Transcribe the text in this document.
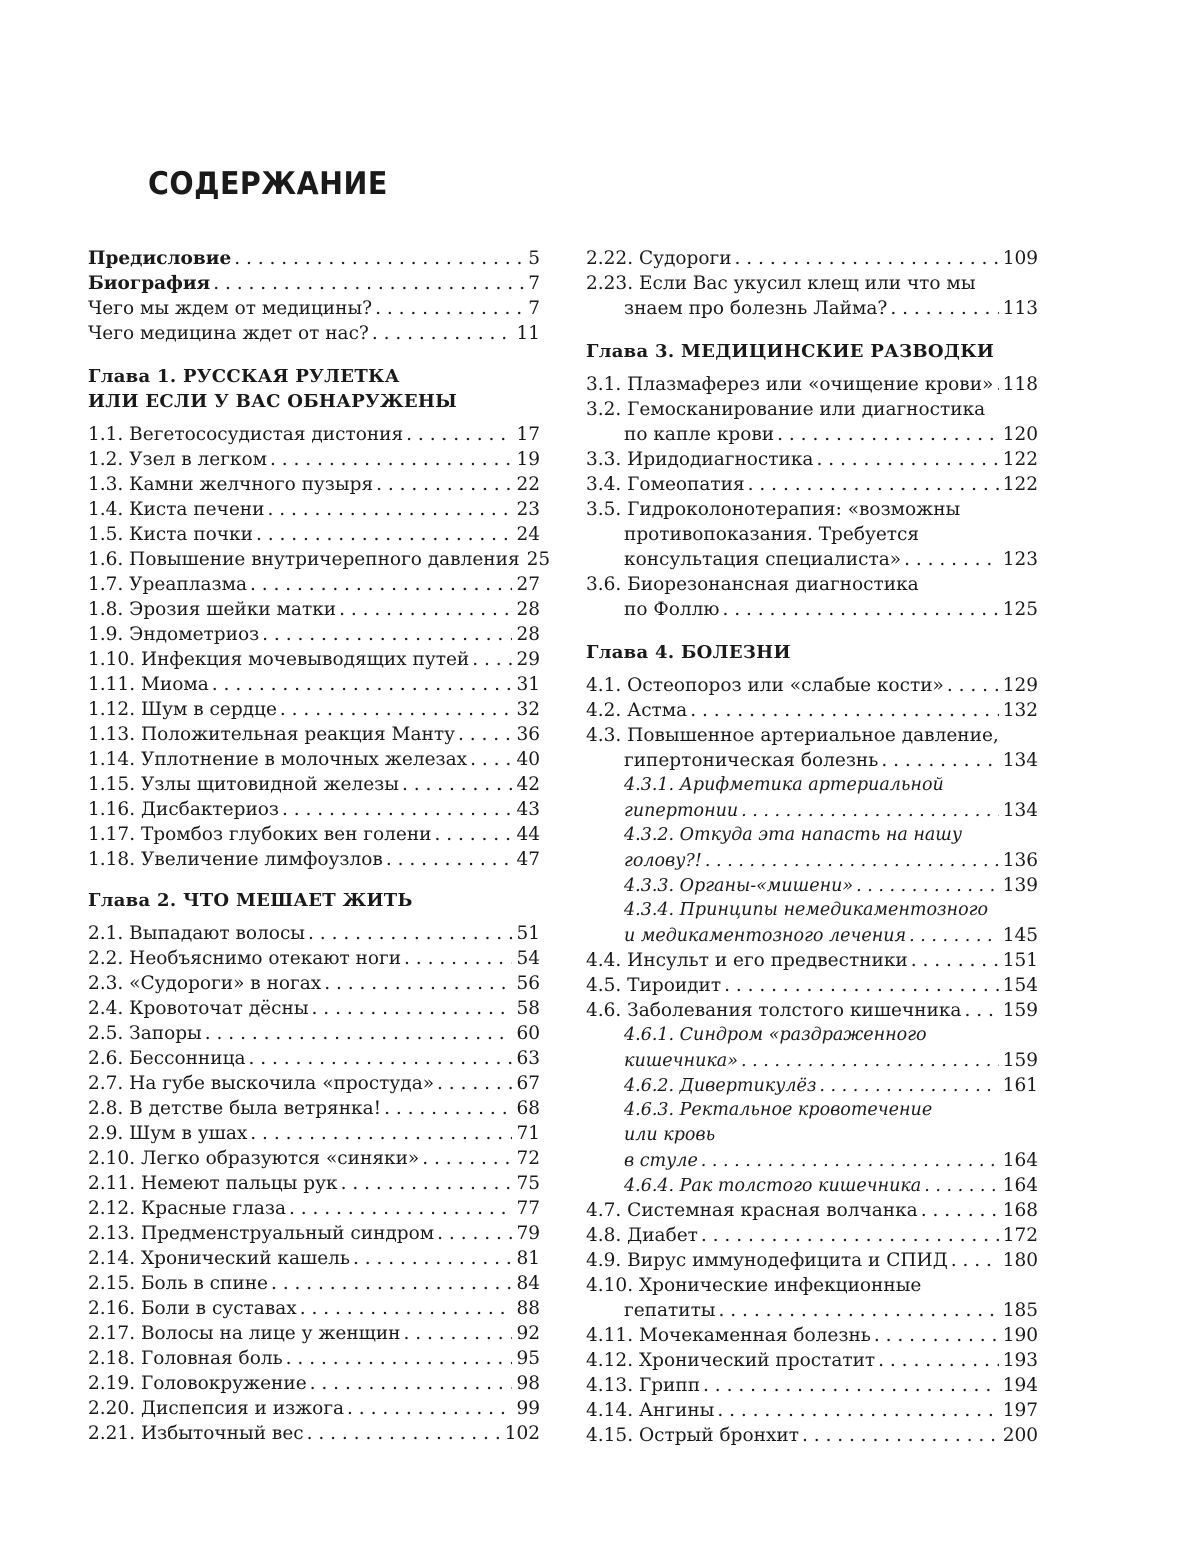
СОДЕРЖАНИЕ
Предисловие . . .	5
Биография . . .	7
Чего мы ждем от медицины? . . .	7
Чего медицина ждет от нас? . . .	11
Глава 1. РУССКАЯ РУЛЕТКА
ИЛИ ЕСЛИ У ВАС ОБНАРУЖЕНЫ
1.1. Вегетососудистая дистония . . .	17
1.2. Узел в легком . . .	19
1.3. Камни желчного пузыря . . .	22
1.4. Киста печени . . .	23
1.5. Киста почки . . .	24
1.6. Повышение внутричерепного давления 25
1.7. Уреаплазма . . .	27
1.8. Эрозия шейки матки . . .	28
1.9. Эндометриоз . . .	28
1.10. Инфекция мочевыводящих путей . . .	29
1.11. Миома . . .	31
1.12. Шум в сердце . . .	32
1.13. Положительная реакция Манту . . .	36
1.14. Уплотнение в молочных железах . . .	40
1.15. Узлы щитовидной железы . . .	42
1.16. Дисбактериоз . . .	43
1.17. Тромбоз глубоких вен голени . . .	44
1.18. Увеличение лимфоузлов . . .	47
Глава 2. ЧТО МЕШАЕТ ЖИТЬ
2.1. Выпадают волосы . . .	51
2.2. Необъяснимо отекают ноги . . .	54
2.3. «Судороги» в ногах . . .	56
2.4. Кровоточат дёсны . . .	58
2.5. Запоры . . .	60
2.6. Бессонница . . .	63
2.7. На губе выскочила «простуда» . . .	67
2.8. В детстве была ветрянка! . . .	68
2.9. Шум в ушах . . .	71
2.10. Легко образуются «синяки» . . .	72
2.11. Немеют пальцы рук . . .	75
2.12. Красные глаза . . .	77
2.13. Предменструальный синдром . . .	79
2.14. Хронический кашель . . .	81
2.15. Боль в спине . . .	84
2.16. Боли в суставах . . .	88
2.17. Волосы на лице у женщин . . .	92
2.18. Головная боль . . .	95
2.19. Головокружение . . .	98
2.20. Диспепсия и изжога . . .	99
2.21. Избыточный вес . . .	102
2.22. Судороги . . .	109
2.23. Если Вас укусил клещ или что мы
знаем про болезнь Лайма? . . .	113
Глава 3. МЕДИЦИНСКИЕ РАЗВОДКИ
3.1. Плазмаферез или «очищение крови» . . . 118
3.2. Гемосканирование или диагностика
по капле крови . . .	120
3.3. Иридодиагностика . . .	122
3.4. Гомеопатия . . .	122
3.5. Гидроколонотерапия: «возможны
противопоказания. Требуется
консультация специалиста» . . .	123
3.6. Биорезонансная диагностика
по Фоллю . . .	125
Глава 4. БОЛЕЗНИ
4.1. Остеопороз или «слабые кости» . . .	129
4.2. Астма . . .	132
4.3. Повышенное артериальное давление,
гипертоническая болезнь . . .	134
4.3.1. Арифметика артериальной
гипертонии . . .	134
4.3.2. Откуда эта напасть на нашу
голову?! . . .	136
4.3.3. Органы-«мишени» . . .	139
4.3.4. Принципы немедикаментозного
и медикаментозного лечения . . .	145
4.4. Инсульт и его предвестники . . .	151
4.5. Тироидит . . .	154
4.6. Заболевания толстого кишечника . . . 159
4.6.1. Синдром «раздраженного
кишечника» . . .	159
4.6.2. Дивертикулёз . . .	161
4.6.3. Ректальное кровотечение
или кровь
в стуле . . .	164
4.6.4. Рак толстого кишечника . . .	164
4.7. Системная красная волчанка . . .	168
4.8. Диабет . . .	172
4.9. Вирус иммунодефицита и СПИД . . .	180
4.10. Хронические инфекционные
гепатиты . . .	185
4.11. Мочекаменная болезнь . . .	190
4.12. Хронический простатит . . .	193
4.13. Грипп . . .	194
4.14. Ангины . . .	197
4.15. Острый бронхит . . .	200
